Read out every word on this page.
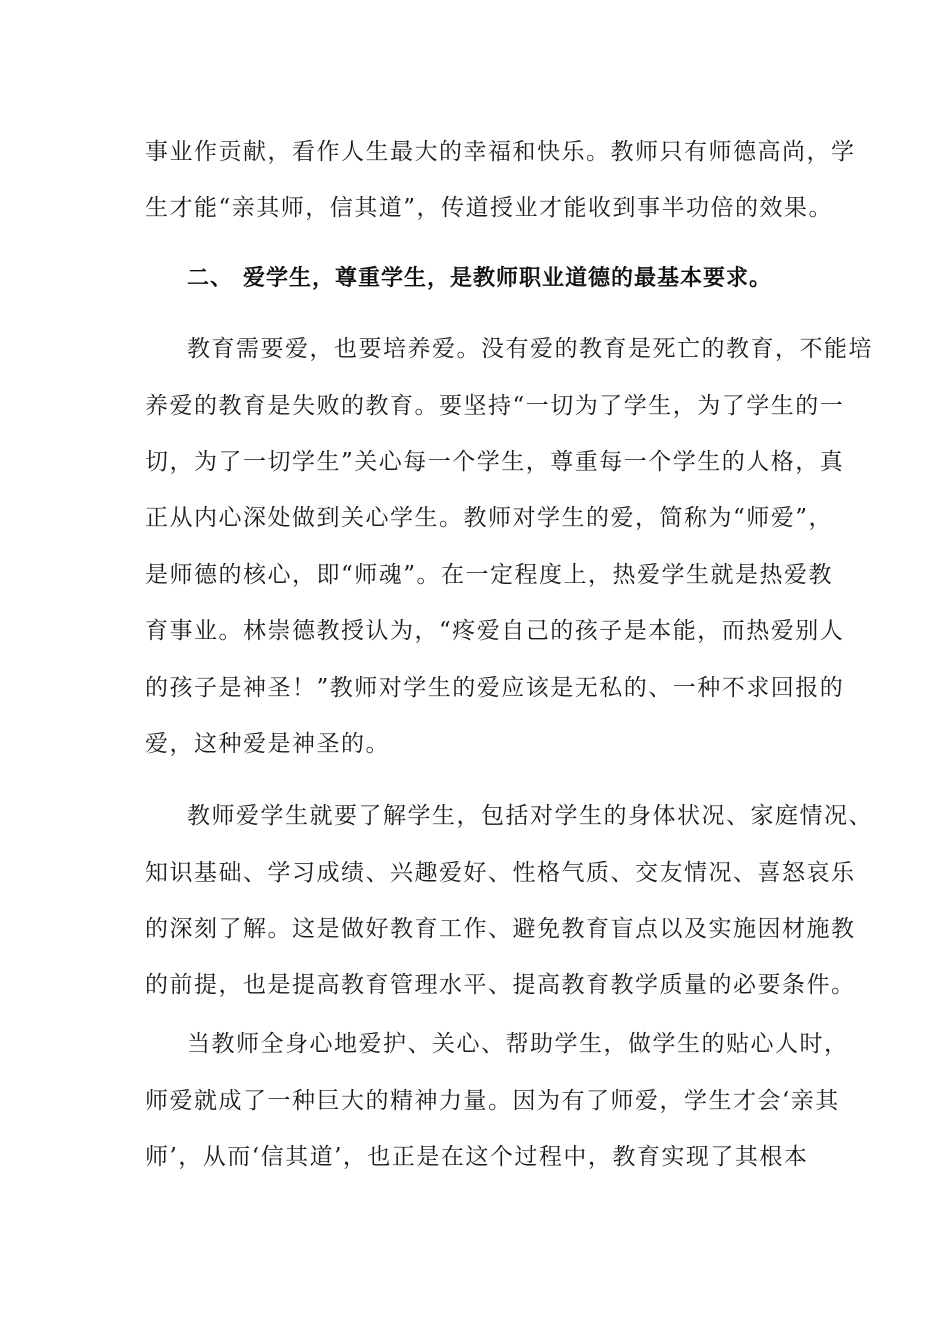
事业作贡献，看作人生最大的幸福和快乐。教师只有师德高尚，学
生才能“亲其师，信其道”，传道授业才能收到事半功倍的效果。
二、 爱学生，尊重学生，是教师职业道德的最基本要求。
教育需要爱，也要培养爱。没有爱的教育是死亡的教育，不能培
养爱的教育是失败的教育。要坚持“一切为了学生，为了学生的一
切，为了一切学生”关心每一个学生，尊重每一个学生的人格，真
正从内心深处做到关心学生。教师对学生的爱，简称为“师爱”，
是师德的核心，即“师魂”。在一定程度上，热爱学生就是热爱教
育事业。林崇德教授认为，“疼爱自己的孩子是本能，而热爱别人
的孩子是神圣！”教师对学生的爱应该是无私的、一种不求回报的
爱，这种爱是神圣的。
教师爱学生就要了解学生，包括对学生的身体状况、家庭情况、
知识基础、学习成绩、兴趣爱好、性格气质、交友情况、喜怒哀乐
的深刻了解。这是做好教育工作、避免教育盲点以及实施因材施教
的前提，也是提高教育管理水平、提高教育教学质量的必要条件。
当教师全身心地爱护、关心、帮助学生，做学生的贴心人时，
师爱就成了一种巨大的精神力量。因为有了师爱，学生才会‘亲其
师’，从而‘信其道’，也正是在这个过程中，教育实现了其根本
